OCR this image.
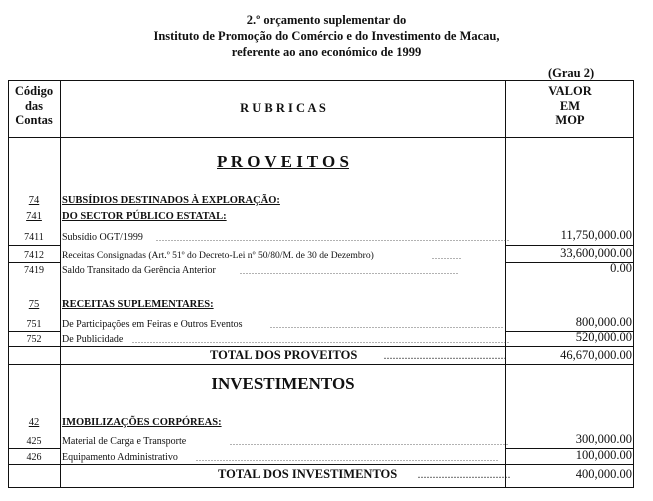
2.º orçamento suplementar do
Instituto de Promoção do Comércio e do Investimento de Macau,
referente ao ano económico de 1999
(Grau 2)
Código
das
Contas
R U B R I C A S
VALOR
EM
MOP
P R O V E I T O S
74	SUBSÍDIOS DESTINADOS À EXPLORAÇÃO:
741	DO SECTOR PÚBLICO ESTATAL:
7411	Subsídio OGT/1999 ......................................................................................................................	11,750,000.00
7412	Receitas Consignadas (Art.º 51º do Decreto-Lei nº 50/80/M. de 30 de Dezembro)	..........	33,600,000.00
7419	Saldo Transitado da Gerência Anterior	.........................................................................	0.00
75	RECEITAS SUPLEMENTARES:
751	De Participações em Feiras e Outros Eventos	..............................................................................	800,000.00
752	De Publicidade ..............................................................................................................................	520,000.00
TOTAL DOS PROVEITOS	.........................................	46,670,000.00
INVESTIMENTOS
42	IMOBILIZAÇÕES CORPÓREAS:
425	Material de Carga e Transporte	.............................................................................................	300,000.00
426	Equipamento Administrativo .....................................................................................................	100,000.00
TOTAL DOS INVESTIMENTOS	...............................	400,000.00
